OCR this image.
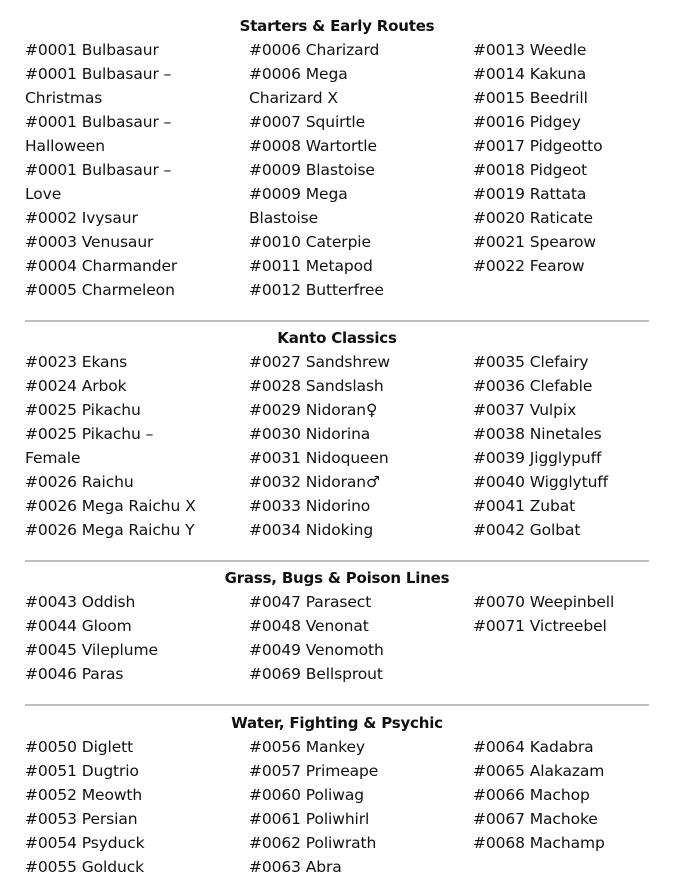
Starters & Early Routes
#0001 Bulbasaur
#0001 Bulbasaur – Christmas
#0001 Bulbasaur – Halloween
#0001 Bulbasaur – Love
#0002 Ivysaur
#0003 Venusaur
#0004 Charmander
#0005 Charmeleon
#0006 Charizard
#0006 Mega Charizard X
#0007 Squirtle
#0008 Wartortle
#0009 Blastoise
#0009 Mega Blastoise
#0010 Caterpie
#0011 Metapod
#0012 Butterfree
#0013 Weedle
#0014 Kakuna
#0015 Beedrill
#0016 Pidgey
#0017 Pidgeotto
#0018 Pidgeot
#0019 Rattata
#0020 Raticate
#0021 Spearow
#0022 Fearow
Kanto Classics
#0023 Ekans
#0024 Arbok
#0025 Pikachu
#0025 Pikachu – Female
#0026 Raichu
#0026 Mega Raichu X
#0026 Mega Raichu Y
#0027 Sandshrew
#0028 Sandslash
#0029 Nidoran♀
#0030 Nidorina
#0031 Nidoqueen
#0032 Nidoran♂
#0033 Nidorino
#0034 Nidoking
#0035 Clefairy
#0036 Clefable
#0037 Vulpix
#0038 Ninetales
#0039 Jigglypuff
#0040 Wigglytuff
#0041 Zubat
#0042 Golbat
Grass, Bugs & Poison Lines
#0043 Oddish
#0044 Gloom
#0045 Vileplume
#0046 Paras
#0047 Parasect
#0048 Venonat
#0049 Venomoth
#0069 Bellsprout
#0070 Weepinbell
#0071 Victreebel
Water, Fighting & Psychic
#0050 Diglett
#0051 Dugtrio
#0052 Meowth
#0053 Persian
#0054 Psyduck
#0055 Golduck
#0056 Mankey
#0057 Primeape
#0060 Poliwag
#0061 Poliwhirl
#0062 Poliwrath
#0063 Abra
#0064 Kadabra
#0065 Alakazam
#0066 Machop
#0067 Machoke
#0068 Machamp
